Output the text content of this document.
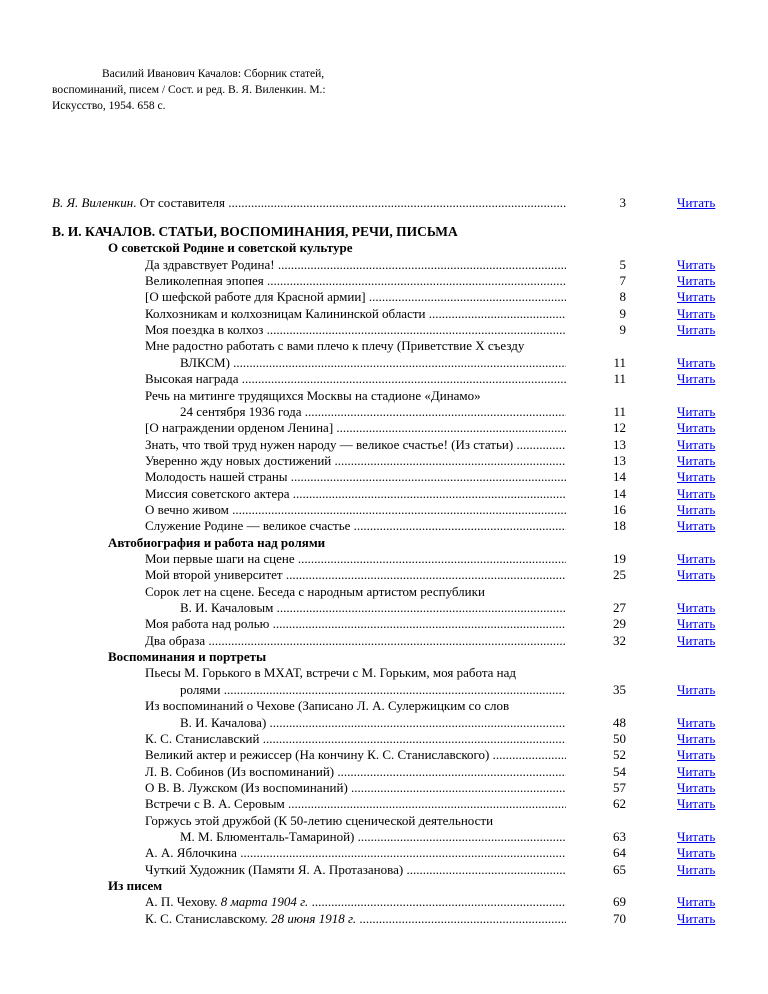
Василий Иванович Качалов: Сборник статей,
воспоминаний, писем / Сост. и ред. В. Я. Виленкин. М.:
Искусство, 1954. 658 с.
В. Я. Виленкин. От составителя .....	3	Читать
В. И. КАЧАЛОВ. СТАТЬИ, ВОСПОМИНАНИЯ, РЕЧИ, ПИСЬМА
О советской Родине и советской культуре
Да здравствует Родина! .....	5	Читать
Великолепная эпопея .....	7	Читать
[О шефской работе для Красной армии] .....	8	Читать
Колхозникам и колхозницам Калининской области .....	9	Читать
Моя поездка в колхоз .....	9	Читать
Мне радостно работать с вами плечо к плечу (Приветствие X съезду
ВЛКСМ) .....	11	Читать
Высокая награда .....	11	Читать
Речь на митинге трудящихся Москвы на стадионе «Динамо»
24 сентября 1936 года .....	11	Читать
[О награждении орденом Ленина] .....	12	Читать
Знать, что твой труд нужен народу — великое счастье! (Из статьи) .....	13	Читать
Уверенно жду новых достижений .....	13	Читать
Молодость нашей страны .....	14	Читать
Миссия советского актера .....	14	Читать
О вечно живом .....	16	Читать
Служение Родине — великое счастье .....	18	Читать
Автобиография и работа над ролями
Мои первые шаги на сцене .....	19	Читать
Мой второй университет .....	25	Читать
Сорок лет на сцене. Беседа с народным артистом республики
В. И. Качаловым .....	27	Читать
Моя работа над ролью .....	29	Читать
Два образа .....	32	Читать
Воспоминания и портреты
Пьесы М. Горького в МХАТ, встречи с М. Горьким, моя работа над
ролями .....	35	Читать
Из воспоминаний о Чехове (Записано Л. А. Сулержицким со слов
В. И. Качалова) .....	48	Читать
К. С. Станиславский .....	50	Читать
Великий актер и режиссер (На кончину К. С. Станиславского) .....	52	Читать
Л. В. Собинов (Из воспоминаний) .....	54	Читать
О В. В. Лужском (Из воспоминаний) .....	57	Читать
Встречи с В. А. Серовым .....	62	Читать
Горжусь этой дружбой (К 50-летию сценической деятельности
М. М. Блюменталь-Тамариной) .....	63	Читать
А. А. Яблочкина .....	64	Читать
Чуткий Художник (Памяти Я. А. Протазанова) .....	65	Читать
Из писем
А. П. Чехову. 8 марта 1904 г. .....	69	Читать
К. С. Станиславскому. 28 июня 1918 г. .....	70	Читать
